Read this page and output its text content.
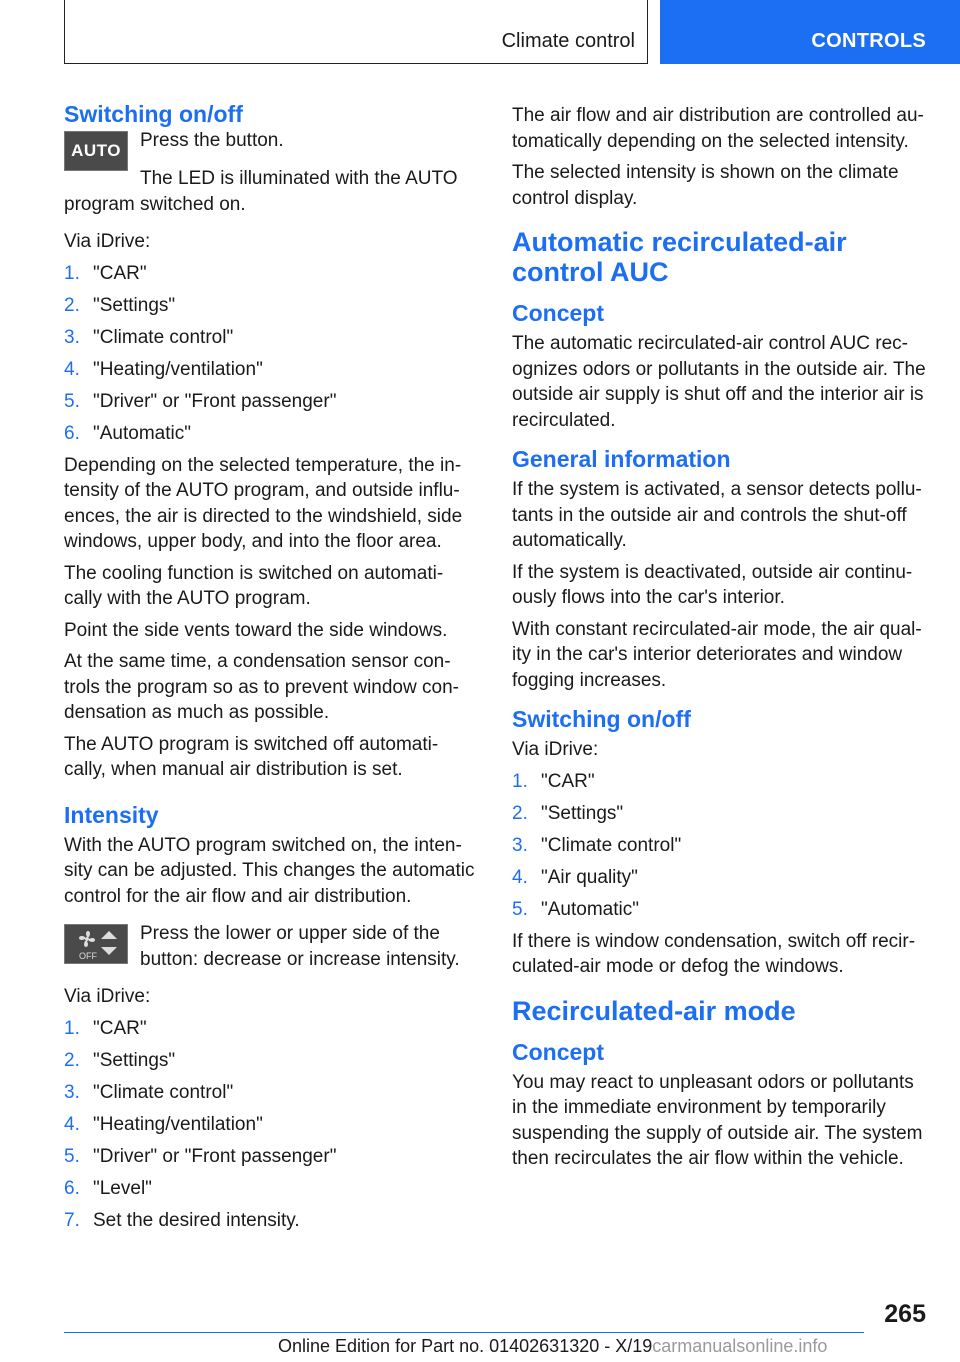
Climate control	CONTROLS
Switching on/off
AUTO Press the button.

The LED is illuminated with the AUTO program switched on.

Via iDrive:

1. "CAR"
2. "Settings"
3. "Climate control"
4. "Heating/ventilation"
5. "Driver" or "Front passenger"
6. "Automatic"

Depending on the selected temperature, the in-tensity of the AUTO program, and outside influ-ences, the air is directed to the windshield, side windows, upper body, and into the floor area.

The cooling function is switched on automati-cally with the AUTO program.

Point the side vents toward the side windows.

At the same time, a condensation sensor con-trols the program so as to prevent window con-densation as much as possible.

The AUTO program is switched off automati-cally, when manual air distribution is set.

Intensity

With the AUTO program switched on, the inten-sity can be adjusted. This changes the automatic control for the air flow and air distribution.

OFF

Press the lower or upper side of the button: decrease or increase intensity.

Via iDrive:

1. "CAR"
2. "Settings"
3. "Climate control"
4. "Heating/ventilation"
5. "Driver" or "Front passenger"
6. "Level"
7. Set the desired intensity.

The air flow and air distribution are controlled au-tomatically depending on the selected intensity.

The selected intensity is shown on the climate control display.

Automatic recirculated-air control AUC
Concept

The automatic recirculated-air control AUC rec-ognizes odors or pollutants in the outside air. The outside air supply is shut off and the interior air is recirculated.

General information

If the system is activated, a sensor detects pollu-tants in the outside air and controls the shut-off automatically.

If the system is deactivated, outside air continu-ously flows into the car's interior.

With constant recirculated-air mode, the air qual-ity in the car's interior deteriorates and window fogging increases.

Switching on/off

Via iDrive:

1. "CAR"
2. "Settings"
3. "Climate control"
4. "Air quality"
5. "Automatic"

If there is window condensation, switch off recir-culated-air mode or defog the windows.

Recirculated-air mode
Concept

You may react to unpleasant odors or pollutants in the immediate environment by temporarily suspending the supply of outside air. The system then recirculates the air flow within the vehicle.

265
Online Edition for Part no. 01402631320 - X/19carmanualsonline.info
